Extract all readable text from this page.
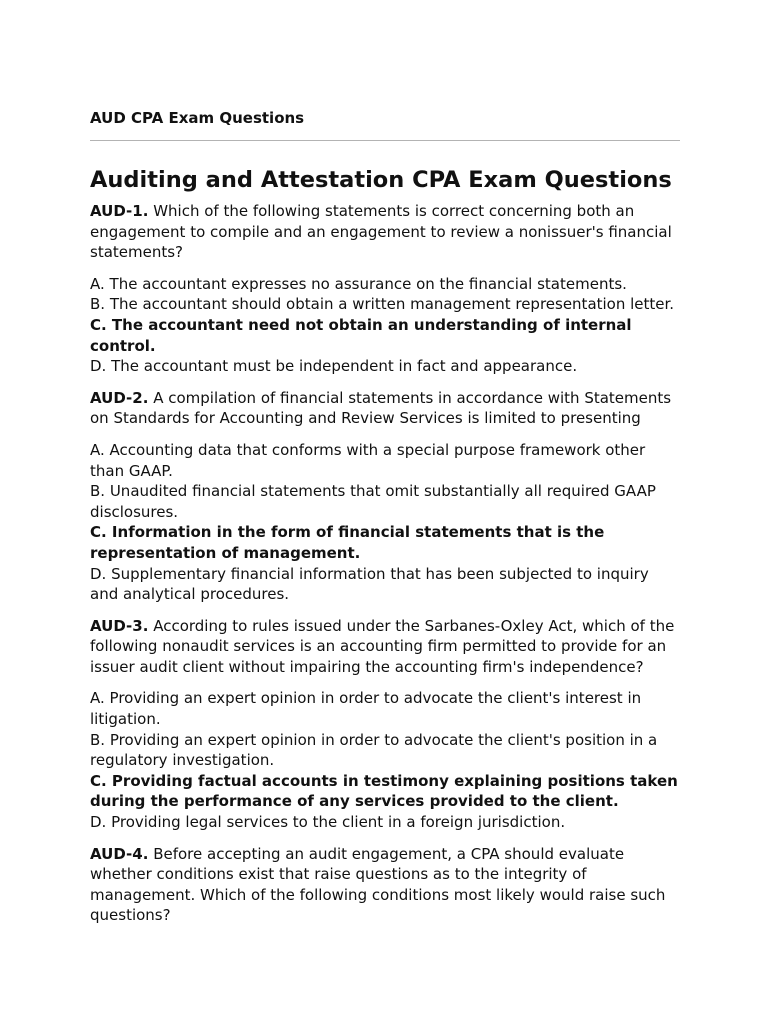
AUD CPA Exam Questions
Auditing and Attestation CPA Exam Questions

AUD-1. Which of the following statements is correct concerning both an engagement to compile and an engagement to review a nonissuer's financial statements?

A. The accountant expresses no assurance on the financial statements.

B. The accountant should obtain a written management representation letter.

C. The accountant need not obtain an understanding of internal control.

D. The accountant must be independent in fact and appearance.

AUD-2. A compilation of financial statements in accordance with Statements on Standards for Accounting and Review Services is limited to presenting

A. Accounting data that conforms with a special purpose framework other than GAAP.

B. Unaudited financial statements that omit substantially all required GAAP disclosures.

C. Information in the form of financial statements that is the representation of management.

D. Supplementary financial information that has been subjected to inquiry and analytical procedures.

AUD-3. According to rules issued under the Sarbanes-Oxley Act, which of the following nonaudit services is an accounting firm permitted to provide for an issuer audit client without impairing the accounting firm's independence?

A. Providing an expert opinion in order to advocate the client's interest in litigation.

B. Providing an expert opinion in order to advocate the client's position in a regulatory investigation.

C. Providing factual accounts in testimony explaining positions taken during the performance of any services provided to the client.

D. Providing legal services to the client in a foreign jurisdiction.

AUD-4. Before accepting an audit engagement, a CPA should evaluate whether conditions exist that raise questions as to the integrity of management. Which of the following conditions most likely would raise such questions?
